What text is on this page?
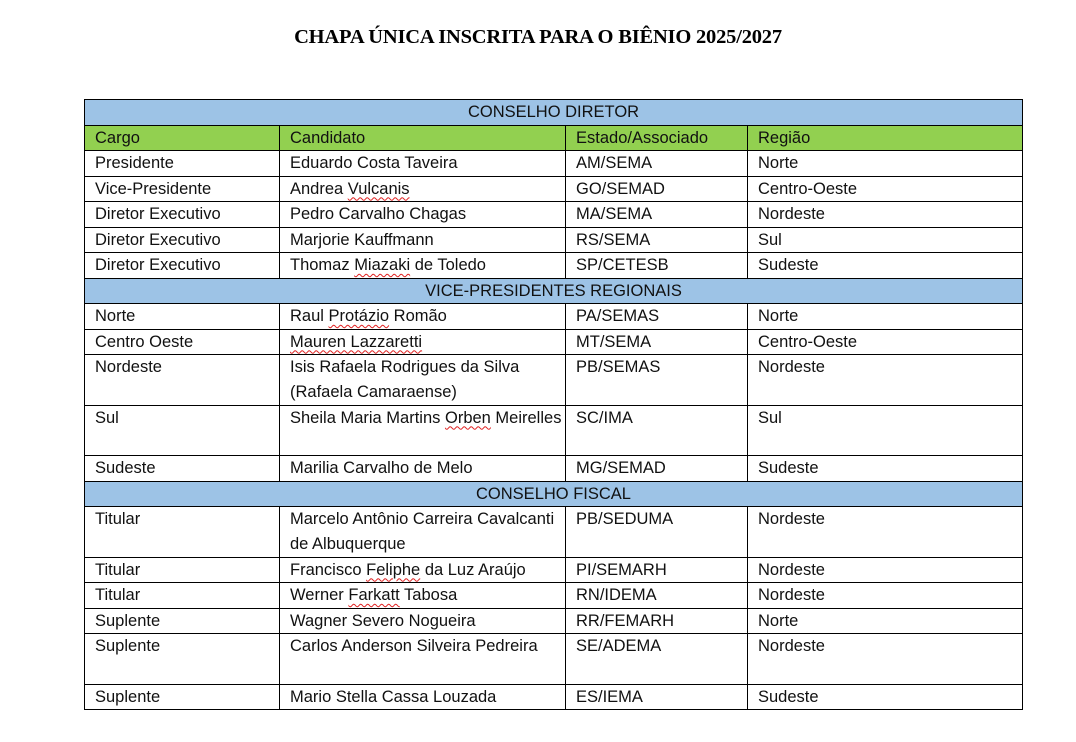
CHAPA ÚNICA INSCRITA PARA O BIÊNIO 2025/2027
CONSELHO DIRETOR			
Cargo	Candidato	Estado/Associado	Região
Presidente	Eduardo Costa Taveira	AM/SEMA	Norte
Vice-Presidente	Andrea Vulcanis	GO/SEMAD	Centro-Oeste
Diretor Executivo	Pedro Carvalho Chagas	MA/SEMA	Nordeste
Diretor Executivo	Marjorie Kauffmann	RS/SEMA	Sul
Diretor Executivo	Thomaz Miazaki de Toledo	SP/CETESB	Sudeste
VICE-PRESIDENTES REGIONAIS			
Norte	Raul Protázio Romão	PA/SEMAS	Norte
Centro Oeste	Mauren Lazzaretti	MT/SEMA	Centro-Oeste
Nordeste	Isis Rafaela Rodrigues da Silva (Rafaela Camaraense)	PB/SEMAS	Nordeste
Sul	Sheila Maria Martins Orben Meirelles	SC/IMA	Sul
Sudeste	Marilia Carvalho de Melo	MG/SEMAD	Sudeste
CONSELHO FISCAL			
Titular	Marcelo Antônio Carreira Cavalcanti de Albuquerque	PB/SEDUMA	Nordeste
Titular	Francisco Feliphe da Luz Araújo	PI/SEMARH	Nordeste
Titular	Werner Farkatt Tabosa	RN/IDEMA	Nordeste
Suplente	Wagner Severo Nogueira	RR/FEMARH	Norte
Suplente	Carlos Anderson Silveira Pedreira	SE/ADEMA	Nordeste
Suplente	Mario Stella Cassa Louzada	ES/IEMA	Sudeste
